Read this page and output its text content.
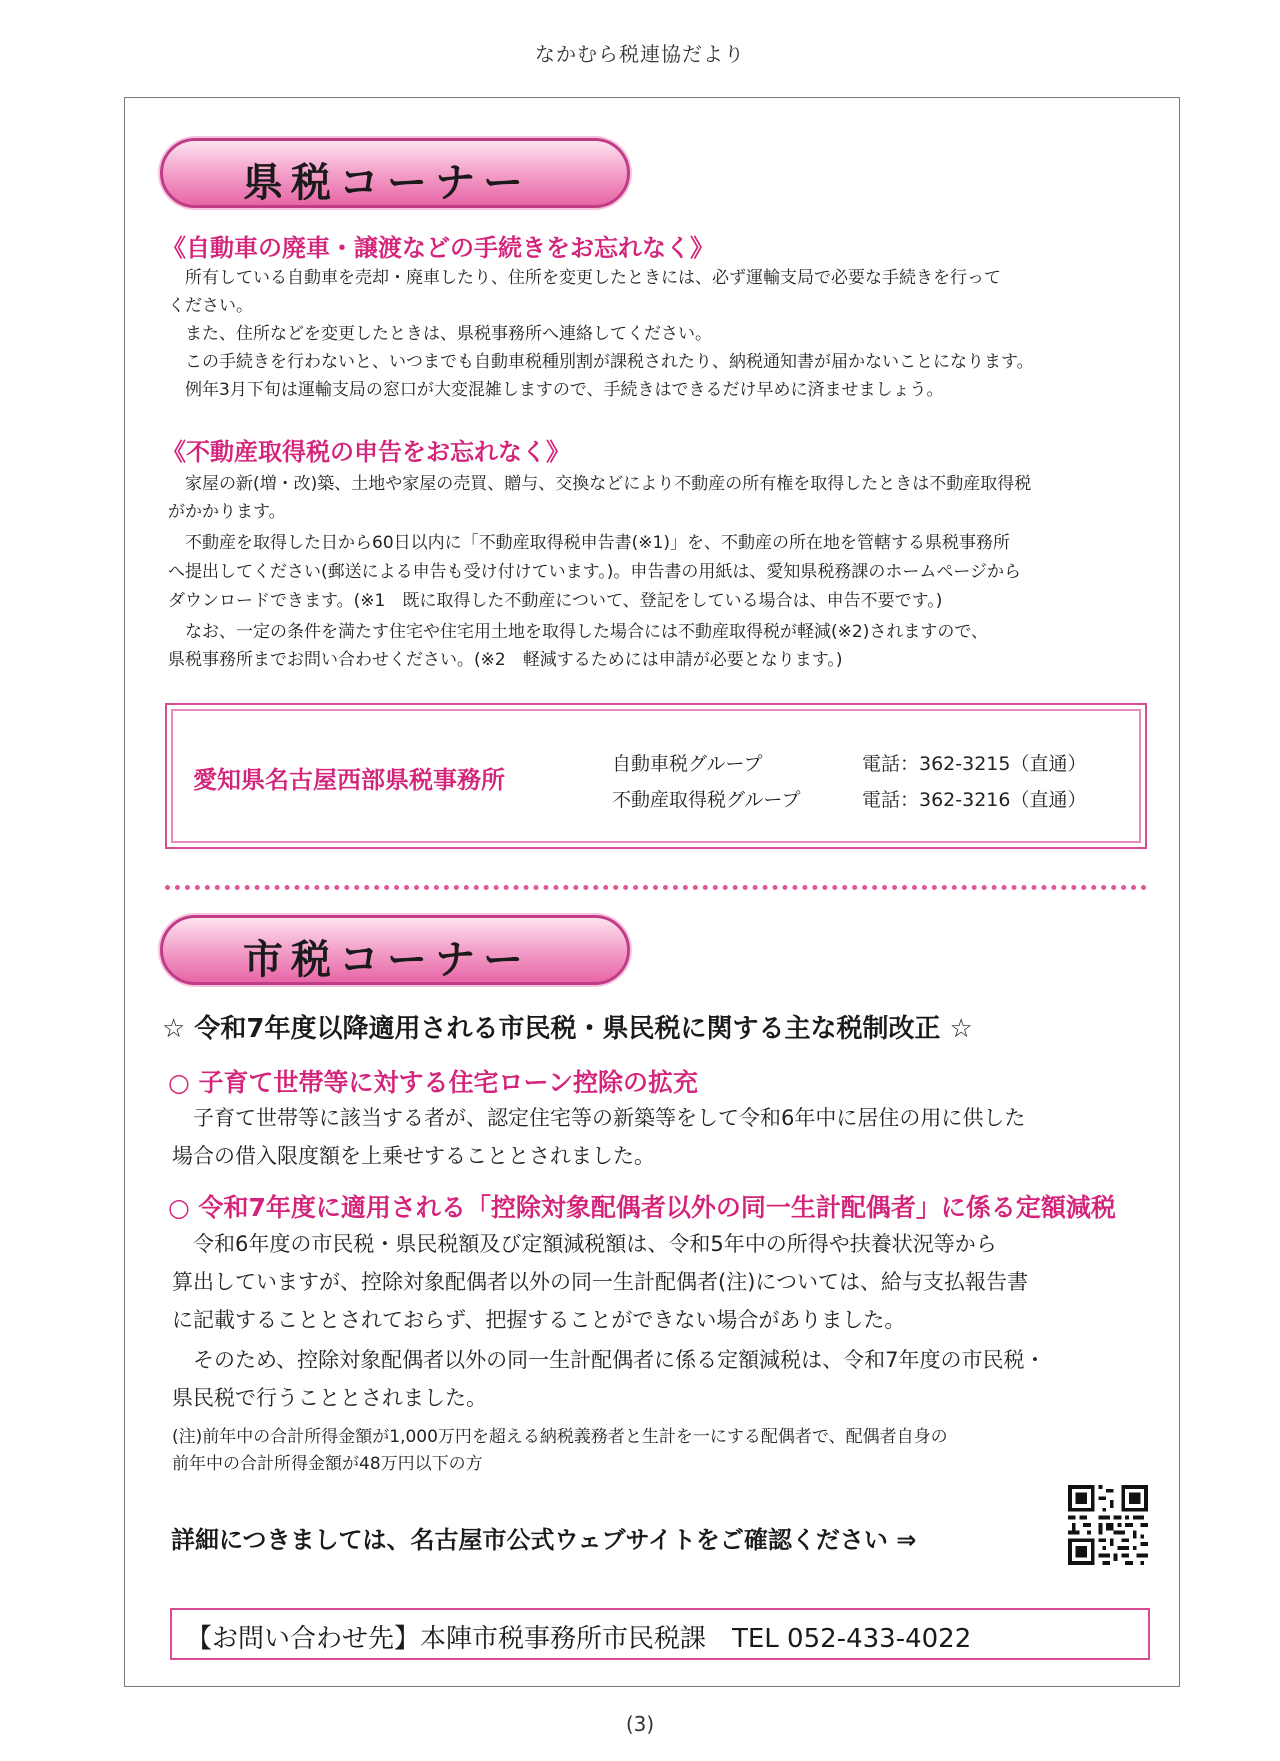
なかむら税連協だより
県税コーナー
《自動車の廃車・譲渡などの手続きをお忘れなく》
　所有している自動車を売却・廃車したり、住所を変更したときには、必ず運輸支局で必要な手続きを行って
ください。
　また、住所などを変更したときは、県税事務所へ連絡してください。
　この手続きを行わないと、いつまでも自動車税種別割が課税されたり、納税通知書が届かないことになります。
　例年3月下旬は運輸支局の窓口が大変混雑しますので、手続きはできるだけ早めに済ませましょう。
《不動産取得税の申告をお忘れなく》
　家屋の新(増・改)築、土地や家屋の売買、贈与、交換などにより不動産の所有権を取得したときは不動産取得税
がかかります。
　不動産を取得した日から60日以内に「不動産取得税申告書(※1)」を、不動産の所在地を管轄する県税事務所
へ提出してください(郵送による申告も受け付けています。)。申告書の用紙は、愛知県税務課のホームページから
ダウンロードできます。(※1　既に取得した不動産について、登記をしている場合は、申告不要です。)
　なお、一定の条件を満たす住宅や住宅用土地を取得した場合には不動産取得税が軽減(※2)されますので、
県税事務所までお問い合わせください。(※2　軽減するためには申請が必要となります。)
愛知県名古屋西部県税事務所
自動車税グループ	電話：362-3215（直通）
不動産取得税グループ	電話：362-3216（直通）
市税コーナー
☆ 令和7年度以降適用される市民税・県民税に関する主な税制改正 ☆
○ 子育て世帯等に対する住宅ローン控除の拡充
　子育て世帯等に該当する者が、認定住宅等の新築等をして令和6年中に居住の用に供した
場合の借入限度額を上乗せすることとされました。
○ 令和7年度に適用される「控除対象配偶者以外の同一生計配偶者」に係る定額減税
　令和6年度の市民税・県民税額及び定額減税額は、令和5年中の所得や扶養状況等から
算出していますが、控除対象配偶者以外の同一生計配偶者(注)については、給与支払報告書
に記載することとされておらず、把握することができない場合がありました。
　そのため、控除対象配偶者以外の同一生計配偶者に係る定額減税は、令和7年度の市民税・
県民税で行うこととされました。
(注)前年中の合計所得金額が1,000万円を超える納税義務者と生計を一にする配偶者で、配偶者自身の
前年中の合計所得金額が48万円以下の方
詳細につきましては、名古屋市公式ウェブサイトをご確認ください ⇒
【お問い合わせ先】本陣市税事務所市民税課　TEL 052-433-4022
(3)
